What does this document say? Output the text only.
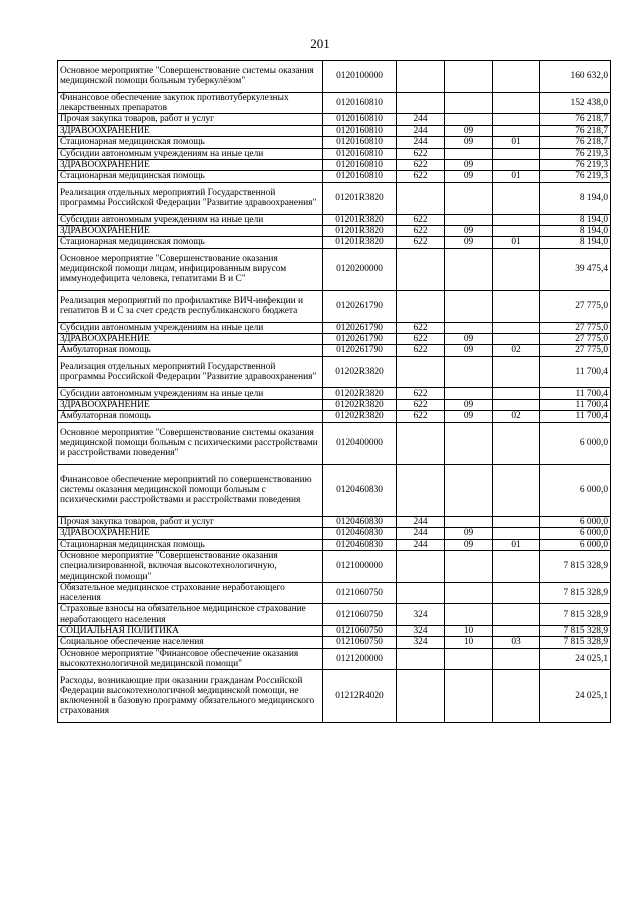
201
Основное мероприятие "Совершенствование системы оказания медицинской помощи больным туберкулёзом"	0120100000				160 632,0
Финансовое обеспечение закупок противотуберкулезных лекарственных препаратов	0120160810				152 438,0
Прочая закупка товаров, работ и услуг	0120160810	244			76 218,7
ЗДРАВООХРАНЕНИЕ	0120160810	244	09		76 218,7
Стационарная медицинская помощь	0120160810	244	09	01	76 218,7
Субсидии автономным учреждениям на иные цели	0120160810	622			76 219,3
ЗДРАВООХРАНЕНИЕ	0120160810	622	09		76 219,3
Стационарная медицинская помощь	0120160810	622	09	01	76 219,3
Реализация отдельных мероприятий Государственной программы Российской Федерации "Развитие здравоохранения"	01201R3820				8 194,0
Субсидии автономным учреждениям на иные цели	01201R3820	622			8 194,0
ЗДРАВООХРАНЕНИЕ	01201R3820	622	09		8 194,0
Стационарная медицинская помощь	01201R3820	622	09	01	8 194,0
Основное мероприятие "Совершенствование оказания медицинской помощи лицам, инфицированным вирусом иммунодефицита человека, гепатитами В и С"	0120200000				39 475,4
Реализация мероприятий по профилактике ВИЧ-инфекции и гепатитов В и С за счет средств республиканского бюджета	0120261790				27 775,0
Субсидии автономным учреждениям на иные цели	0120261790	622			27 775,0
ЗДРАВООХРАНЕНИЕ	0120261790	622	09		27 775,0
Амбулаторная помощь	0120261790	622	09	02	27 775,0
Реализация отдельных мероприятий Государственной программы Российской Федерации "Развитие здравоохранения"	01202R3820				11 700,4
Субсидии автономным учреждениям на иные цели	01202R3820	622			11 700,4
ЗДРАВООХРАНЕНИЕ	01202R3820	622	09		11 700,4
Амбулаторная помощь	01202R3820	622	09	02	11 700,4
Основное мероприятие "Совершенствование системы оказания медицинской помощи больным с психическими расстройствами и расстройствами поведения"	0120400000				6 000,0
Финансовое обеспечение мероприятий по совершенствованию системы оказания медицинской помощи больным с психическими расстройствами и расстройствами поведения	0120460830				6 000,0
Прочая закупка товаров, работ и услуг	0120460830	244			6 000,0
ЗДРАВООХРАНЕНИЕ	0120460830	244	09		6 000,0
Стационарная медицинская помощь	0120460830	244	09	01	6 000,0
Основное мероприятие "Совершенствование оказания специализированной, включая высокотехнологичную, медицинской помощи"	0121000000				7 815 328,9
Обязательное медицинское страхование неработающего населения	0121060750				7 815 328,9
Страховые взносы на обязательное медицинское страхование неработающего населения	0121060750	324			7 815 328,9
СОЦИАЛЬНАЯ ПОЛИТИКА	0121060750	324	10		7 815 328,9
Социальное обеспечение населения	0121060750	324	10	03	7 815 328,9
Основное мероприятие "Финансовое обеспечение оказания высокотехнологичной медицинской помощи"	0121200000				24 025,1
Расходы, возникающие при оказании гражданам Российской Федерации высокотехнологичной медицинской помощи, не включенной в базовую программу обязательного медицинского страхования	01212R4020				24 025,1
